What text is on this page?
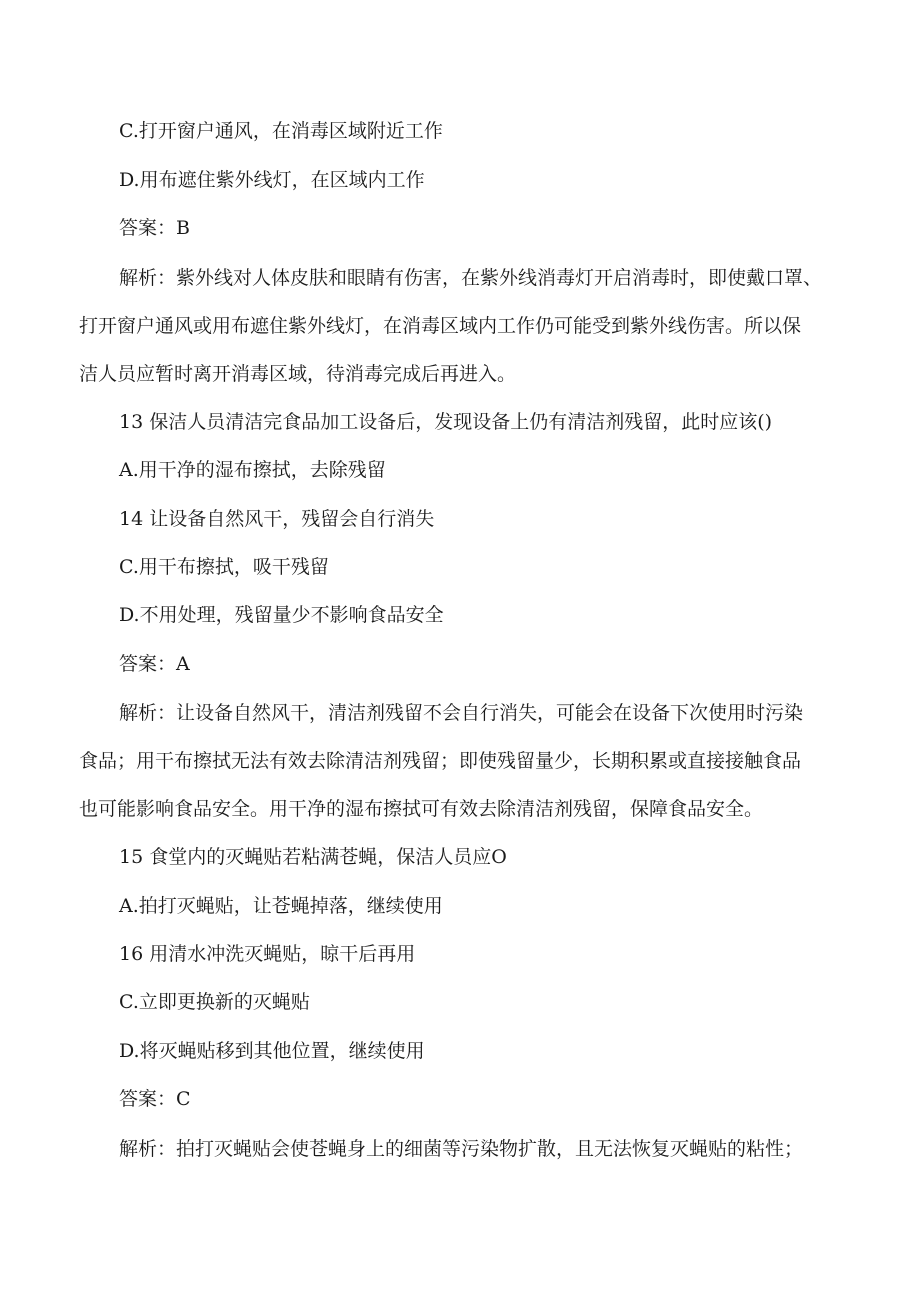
C.打开窗户通风，在消毒区域附近工作
D.用布遮住紫外线灯，在区域内工作
答案：B
解析：紫外线对人体皮肤和眼睛有伤害，在紫外线消毒灯开启消毒时，即使戴口罩、
打开窗户通风或用布遮住紫外线灯，在消毒区域内工作仍可能受到紫外线伤害。所以保
洁人员应暂时离开消毒区域，待消毒完成后再进入。
13 保洁人员清洁完食品加工设备后，发现设备上仍有清洁剂残留，此时应该()
A.用干净的湿布擦拭，去除残留
14 让设备自然风干，残留会自行消失
C.用干布擦拭，吸干残留
D.不用处理，残留量少不影响食品安全
答案：A
解析：让设备自然风干，清洁剂残留不会自行消失，可能会在设备下次使用时污染
食品；用干布擦拭无法有效去除清洁剂残留；即使残留量少，长期积累或直接接触食品
也可能影响食品安全。用干净的湿布擦拭可有效去除清洁剂残留，保障食品安全。
15 食堂内的灭蝇贴若粘满苍蝇，保洁人员应O
A.拍打灭蝇贴，让苍蝇掉落，继续使用
16 用清水冲洗灭蝇贴，晾干后再用
C.立即更换新的灭蝇贴
D.将灭蝇贴移到其他位置，继续使用
答案：C
解析：拍打灭蝇贴会使苍蝇身上的细菌等污染物扩散，且无法恢复灭蝇贴的粘性；
